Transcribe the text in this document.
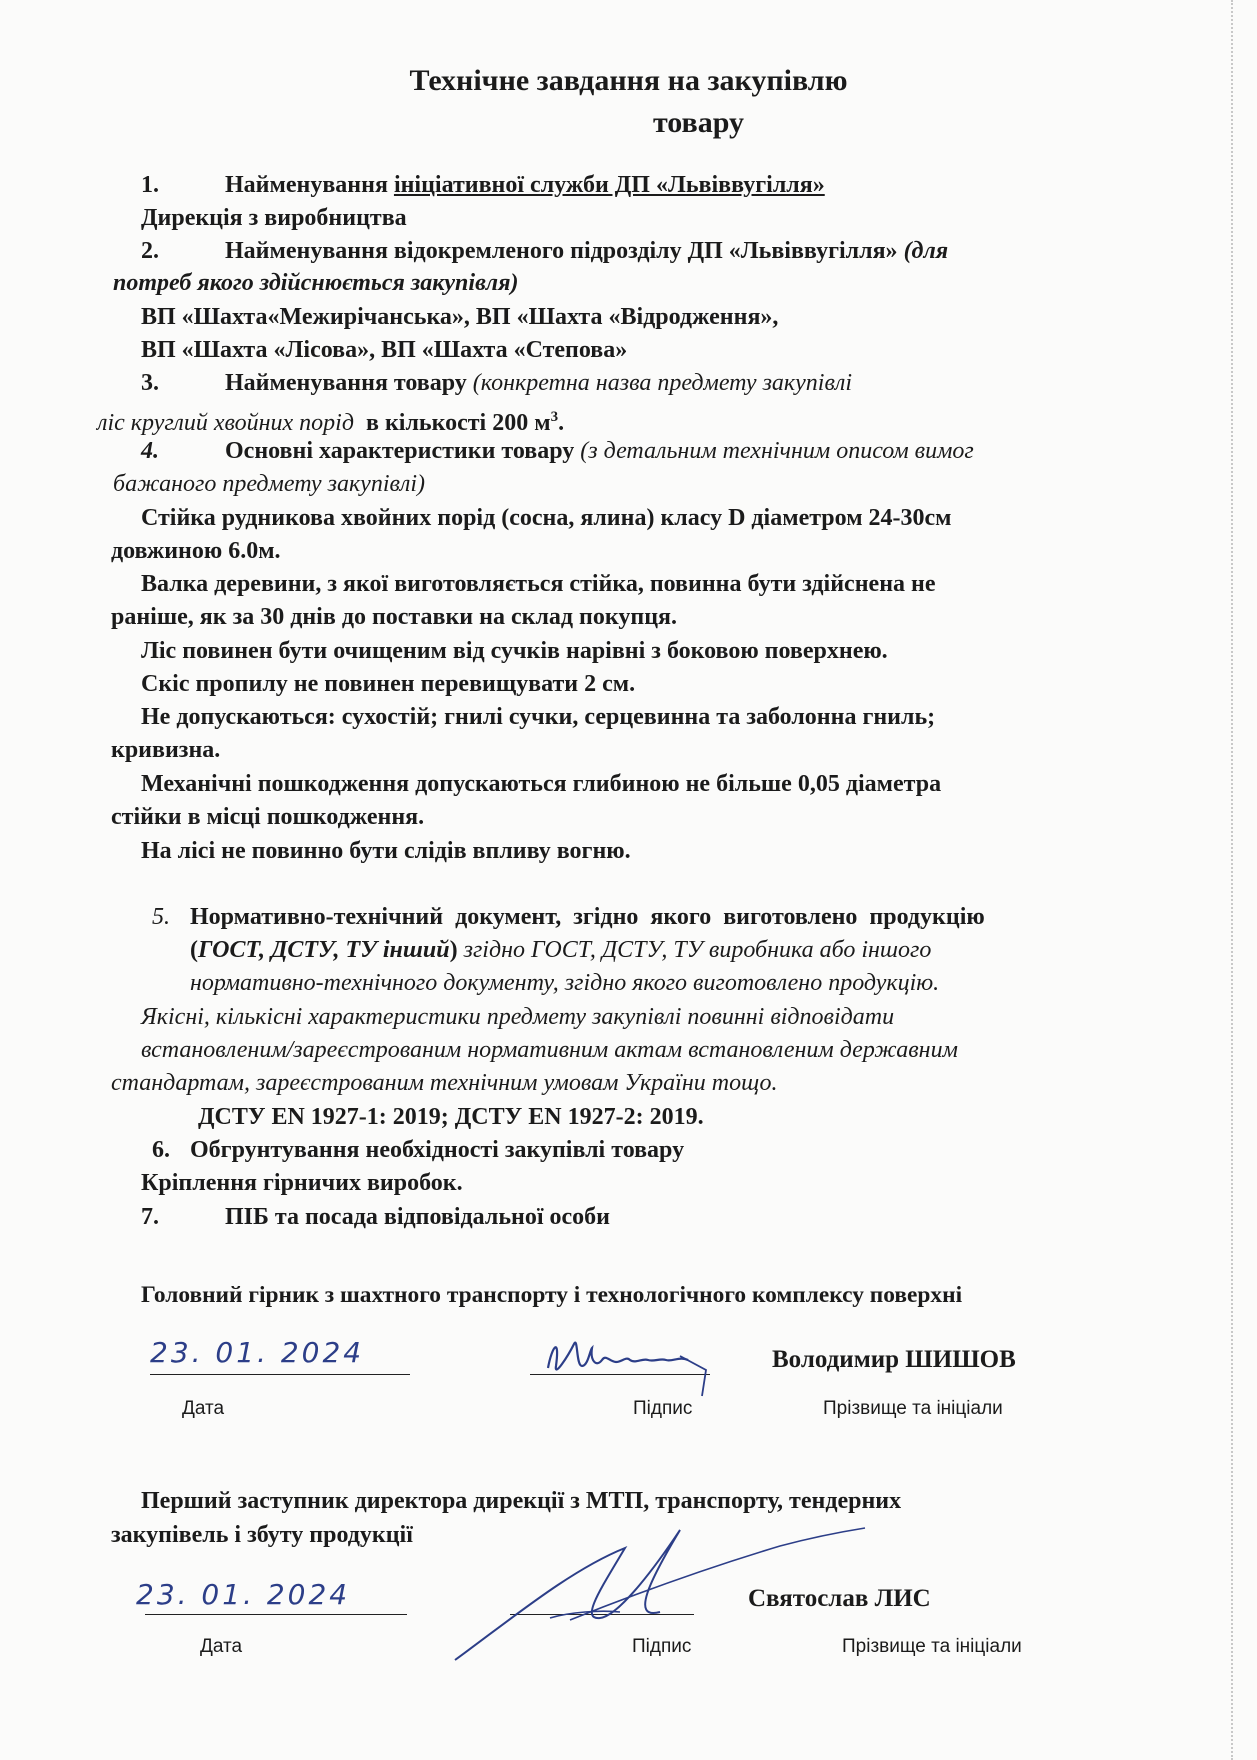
Технічне завдання на закупівлю
товару
1.	Найменування ініціативної служби ДП «Львіввугілля»
Дирекція з виробництва
2.	Найменування відокремленого підрозділу ДП «Львіввугілля» (для
потреб якого здійснюється закупівля)
ВП «Шахта«Межирічанська», ВП «Шахта «Відродження»,
ВП «Шахта «Лісова», ВП «Шахта «Степова»
3.	Найменування товару (конкретна назва предмету закупівлі
ліс круглий хвойних порід в кількості 200 $м^3$.
4.	Основні характеристики товару (з детальним технічним описом вимог
бажаного предмету закупівлі)
Стійка рудникова хвойних порід (сосна, ялина) класу D діаметром 24-30см
довжиною 6.0м.
Валка деревини, з якої виготовляється стійка, повинна бути здійснена не
раніше, як за 30 днів до поставки на склад покупця.
Ліс повинен бути очищеним від сучків нарівні з боковою поверхнею.
Скіс пропилу не повинен перевищувати 2 см.
Не допускаються: сухостій; гнилі сучки, серцевинна та заболонна гниль;
кривизна.
Механічні пошкодження допускаються глибиною не більше 0,05 діаметра
стійки в місці пошкодження.
На лісі не повинно бути слідів впливу вогню.
5. Нормативно-технічний документ, згідно якого виготовлено продукцію
(ГОСТ, ДСТУ, ТУ інший) згідно ГОСТ, ДСТУ, ТУ виробника або іншого
нормативно-технічного документу, згідно якого виготовлено продукцію.
Якісні, кількісні характеристики предмету закупівлі повинні відповідати
встановленим/зареєстрованим нормативним актам встановленим державним
стандартам, зареєстрованим технічним умовам України тощо.
ДСТУ EN 1927-1: 2019; ДСТУ EN 1927-2: 2019.
6. Обгрунтування необхідності закупівлі товару
Кріплення гірничих виробок.
7.	ПІБ та посада відповідальної особи
Головний гірник з шахтного транспорту і технологічного комплексу поверхні
23. 01. 2024	Володимир ШИШОВ
Дата	Підпис	Прізвище та ініціали
Перший заступник директора дирекції з МТП, транспорту, тендерних
закупівель і збуту продукції
23. 01. 2024	Святослав ЛИС
Дата	Підпис	Прізвище та ініціали
